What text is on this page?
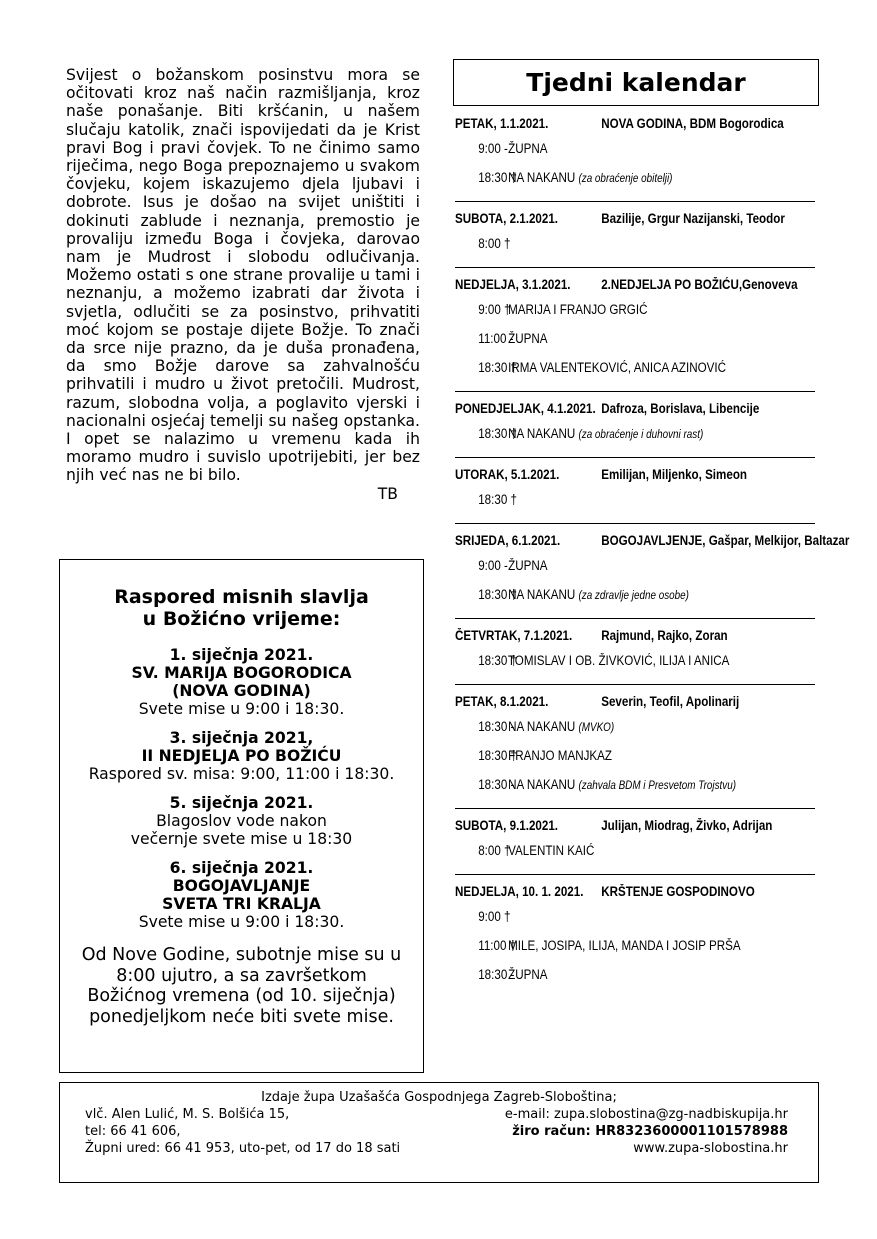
Svijest o božanskom posinstvu mora se očitovati kroz naš način razmišljanja, kroz naše ponašanje. Biti kršćanin, u našem slučaju katolik, znači ispovijedati da je Krist pravi Bog i pravi čovjek. To ne činimo samo riječima, nego Boga prepoznajemo u svakom čovjeku, kojem iskazujemo djela ljubavi i dobrote. Isus je došao na svijet uništiti i dokinuti zablude i neznanja, premostio je provaliju između Boga i čovjeka, darovao nam je Mudrost i slobodu odlučivanja. Možemo ostati s one strane provalije u tami i neznanju, a možemo izabrati dar života i svjetla, odlučiti se za posinstvo, prihvatiti moć kojom se postaje dijete Božje. To znači da srce nije prazno, da je duša pronađena, da smo Božje darove sa zahvalnošću prihvatili i mudro u život pretočili. Mudrost, razum, slobodna volja, a poglavito vjerski i nacionalni osjećaj temelji su našeg opstanka. I opet se nalazimo u vremenu kada ih moramo mudro i suvislo upotrijebiti, jer bez njih već nas ne bi bilo.
TB
Raspored misnih slavlja
u Božićno vrijeme:
1. siječnja 2021.
SV. MARIJA BOGORODICA
(NOVA GODINA)
Svete mise u 9:00 i 18:30.
3. siječnja 2021,
II NEDJELJA PO BOŽIĆU
Raspored sv. misa: 9:00, 11:00 i 18:30.
5. siječnja 2021.
Blagoslov vode nakon
večernje svete mise u 18:30
6. siječnja 2021.
BOGOJAVLJANJE
SVETA TRI KRALJA
Svete mise u 9:00 i 18:30.
Od Nove Godine, subotnje mise su u 8:00 ujutro, a sa završetkom Božićnog vremena (od 10. siječnja) ponedjeljkom neće biti svete mise.
Tjedni kalendar
PETAK, 1.1.2021.	NOVA GODINA, BDM Bogorodica
9:00 - ŽUPNA
18:30 † NA NAKANU (za obraćenje obitelji)
SUBOTA, 2.1.2021.	Bazilije, Grgur Nazijanski, Teodor
8:00 †
NEDJELJA, 3.1.2021.	2.NEDJELJA PO BOŽIĆU,Genoveva
9:00 † MARIJA I FRANJO GRGIĆ
11:00 - ŽUPNA
18:30 † IRMA VALENTEKOVIĆ, ANICA AZINOVIĆ
PONEDJELJAK, 4.1.2021. Dafroza, Borislava, Libencije
18:30 † NA NAKANU (za obraćenje i duhovni rast)
UTORAK, 5.1.2021.	Emilijan, Miljenko, Simeon
18:30 †
SRIJEDA, 6.1.2021.	BOGOJAVLJENJE, Gašpar, Melkijor, Baltazar
9:00 - ŽUPNA
18:30 † NA NAKANU (za zdravlje jedne osobe)
ČETVRTAK, 7.1.2021.	Rajmund, Rajko, Zoran
18:30 † TOMISLAV I OB. ŽIVKOVIĆ, ILIJA I ANICA
PETAK, 8.1.2021.	Severin, Teofil, Apolinarij
18:30 - NA NAKANU (MVKO)
18:30 † FRANJO MANJKAZ
18:30 - NA NAKANU (zahvala BDM i Presvetom Trojstvu)
SUBOTA, 9.1.2021.	Julijan, Miodrag, Živko, Adrijan
8:00 † VALENTIN KAIĆ
NEDJELJA, 10. 1. 2021.	KRŠTENJE GOSPODINOVO
9:00 †
11:00 † MILE, JOSIPA, ILIJA, MANDA I JOSIP PRŠA
18:30 - ŽUPNA
Izdaje župa Uzašašća Gospodnjega Zagreb-Sloboština;
vlč. Alen Lulić, M. S. Bolšića 15,	e-mail: zupa.slobostina@zg-nadbiskupija.hr
tel: 66 41 606,	žiro račun: HR8323600001101578988
Župni ured: 66 41 953, uto-pet, od 17 do 18 sati	www.zupa-slobostina.hr
